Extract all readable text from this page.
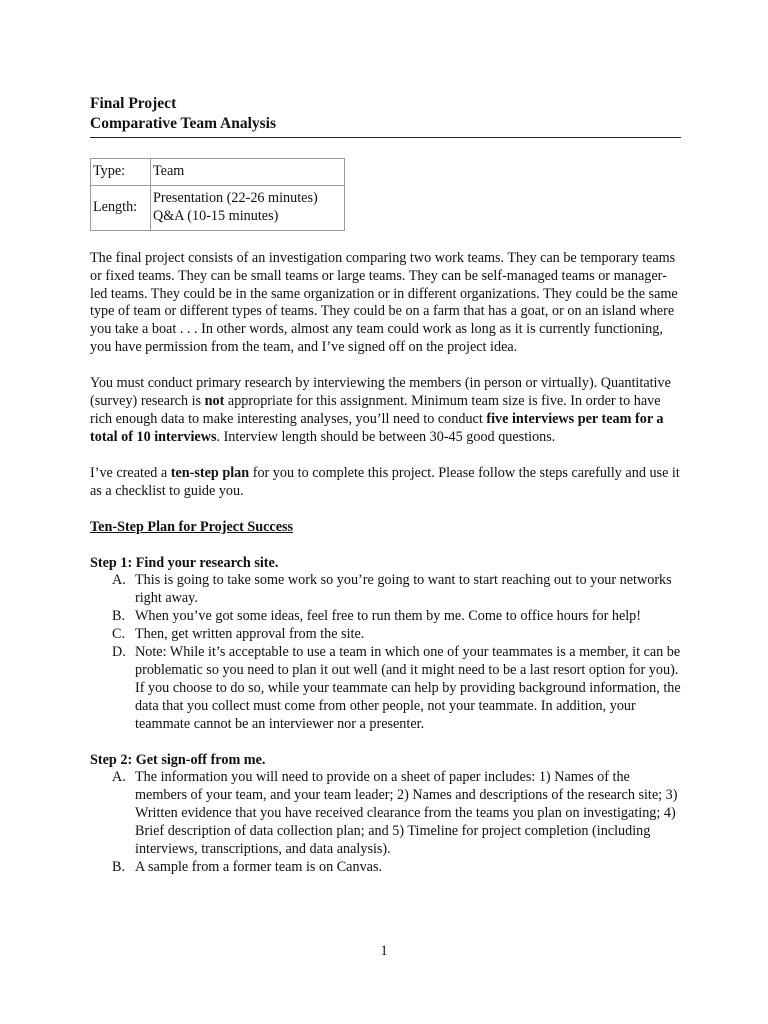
Final Project
Comparative Team Analysis
Type:	Team
Length:	Presentation (22-26 minutes)
Q&A (10-15 minutes)

The final project consists of an investigation comparing two work teams. They can be temporary teams or fixed teams. They can be small teams or large teams. They can be self-managed teams or manager-led teams. They could be in the same organization or in different organizations. They could be the same type of team or different types of teams. They could be on a farm that has a goat, or on an island where you take a boat . . . In other words, almost any team could work as long as it is currently functioning, you have permission from the team, and I’ve signed off on the project idea.

You must conduct primary research by interviewing the members (in person or virtually). Quantitative (survey) research is not appropriate for this assignment. Minimum team size is five. In order to have rich enough data to make interesting analyses, you’ll need to conduct five interviews per team for a total of 10 interviews. Interview length should be between 30-45 good questions.

I’ve created a ten-step plan for you to complete this project. Please follow the steps carefully and use it as a checklist to guide you.

Ten-Step Plan for Project Success
Step 1: Find your research site.
A. This is going to take some work so you’re going to want to start reaching out to your networks right away.
B. When you’ve got some ideas, feel free to run them by me. Come to office hours for help!
C. Then, get written approval from the site.
D. Note: While it’s acceptable to use a team in which one of your teammates is a member, it can be problematic so you need to plan it out well (and it might need to be a last resort option for you). If you choose to do so, while your teammate can help by providing background information, the data that you collect must come from other people, not your teammate. In addition, your teammate cannot be an interviewer nor a presenter.
Step 2: Get sign-off from me.
A. The information you will need to provide on a sheet of paper includes: 1) Names of the members of your team, and your team leader; 2) Names and descriptions of the research site; 3) Written evidence that you have received clearance from the teams you plan on investigating; 4) Brief description of data collection plan; and 5) Timeline for project completion (including interviews, transcriptions, and data analysis).
B. A sample from a former team is on Canvas.
1
